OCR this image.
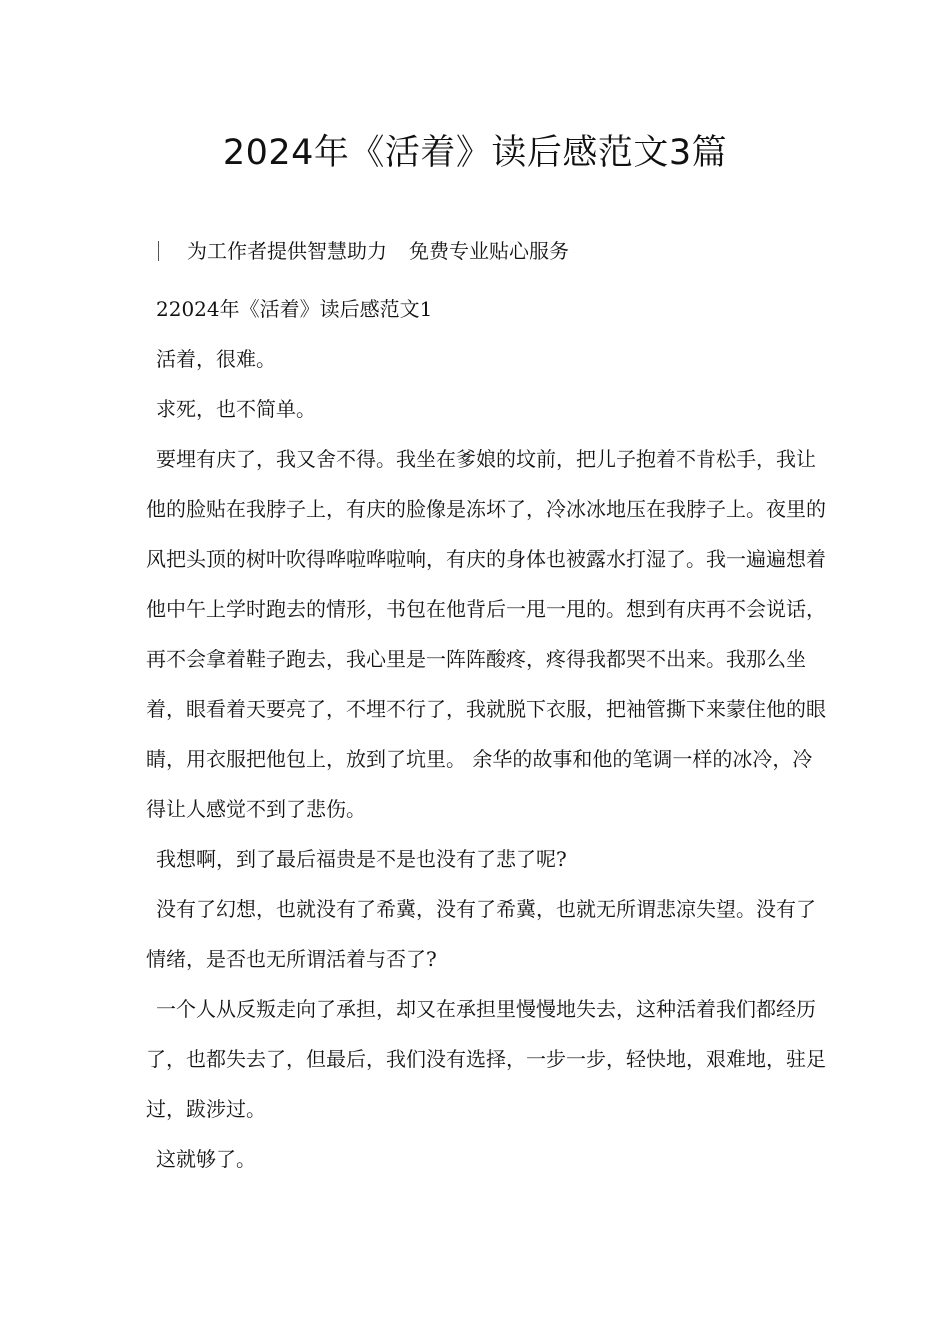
2024年《活着》读后感范文3篇
为工作者提供智慧助力 免费专业贴心服务

22024年《活着》读后感范文1

活着，很难。

求死，也不简单。

要埋有庆了，我又舍不得。我坐在爹娘的坟前，把儿子抱着不肯松手，我让他的脸贴在我脖子上，有庆的脸像是冻坏了，冷冰冰地压在我脖子上。夜里的风把头顶的树叶吹得哗啦哗啦响，有庆的身体也被露水打湿了。我一遍遍想着他中午上学时跑去的情形，书包在他背后一甩一甩的。想到有庆再不会说话，再不会拿着鞋子跑去，我心里是一阵阵酸疼，疼得我都哭不出来。我那么坐着，眼看着天要亮了，不埋不行了，我就脱下衣服，把袖管撕下来蒙住他的眼睛，用衣服把他包上，放到了坑里。 余华的故事和他的笔调一样的冰冷，冷得让人感觉不到了悲伤。

我想啊，到了最后福贵是不是也没有了悲了呢?

没有了幻想，也就没有了希冀，没有了希冀，也就无所谓悲凉失望。没有了情绪，是否也无所谓活着与否了?

一个人从反叛走向了承担，却又在承担里慢慢地失去，这种活着我们都经历了，也都失去了，但最后，我们没有选择，一步一步，轻快地，艰难地，驻足过，跋涉过。

这就够了。
